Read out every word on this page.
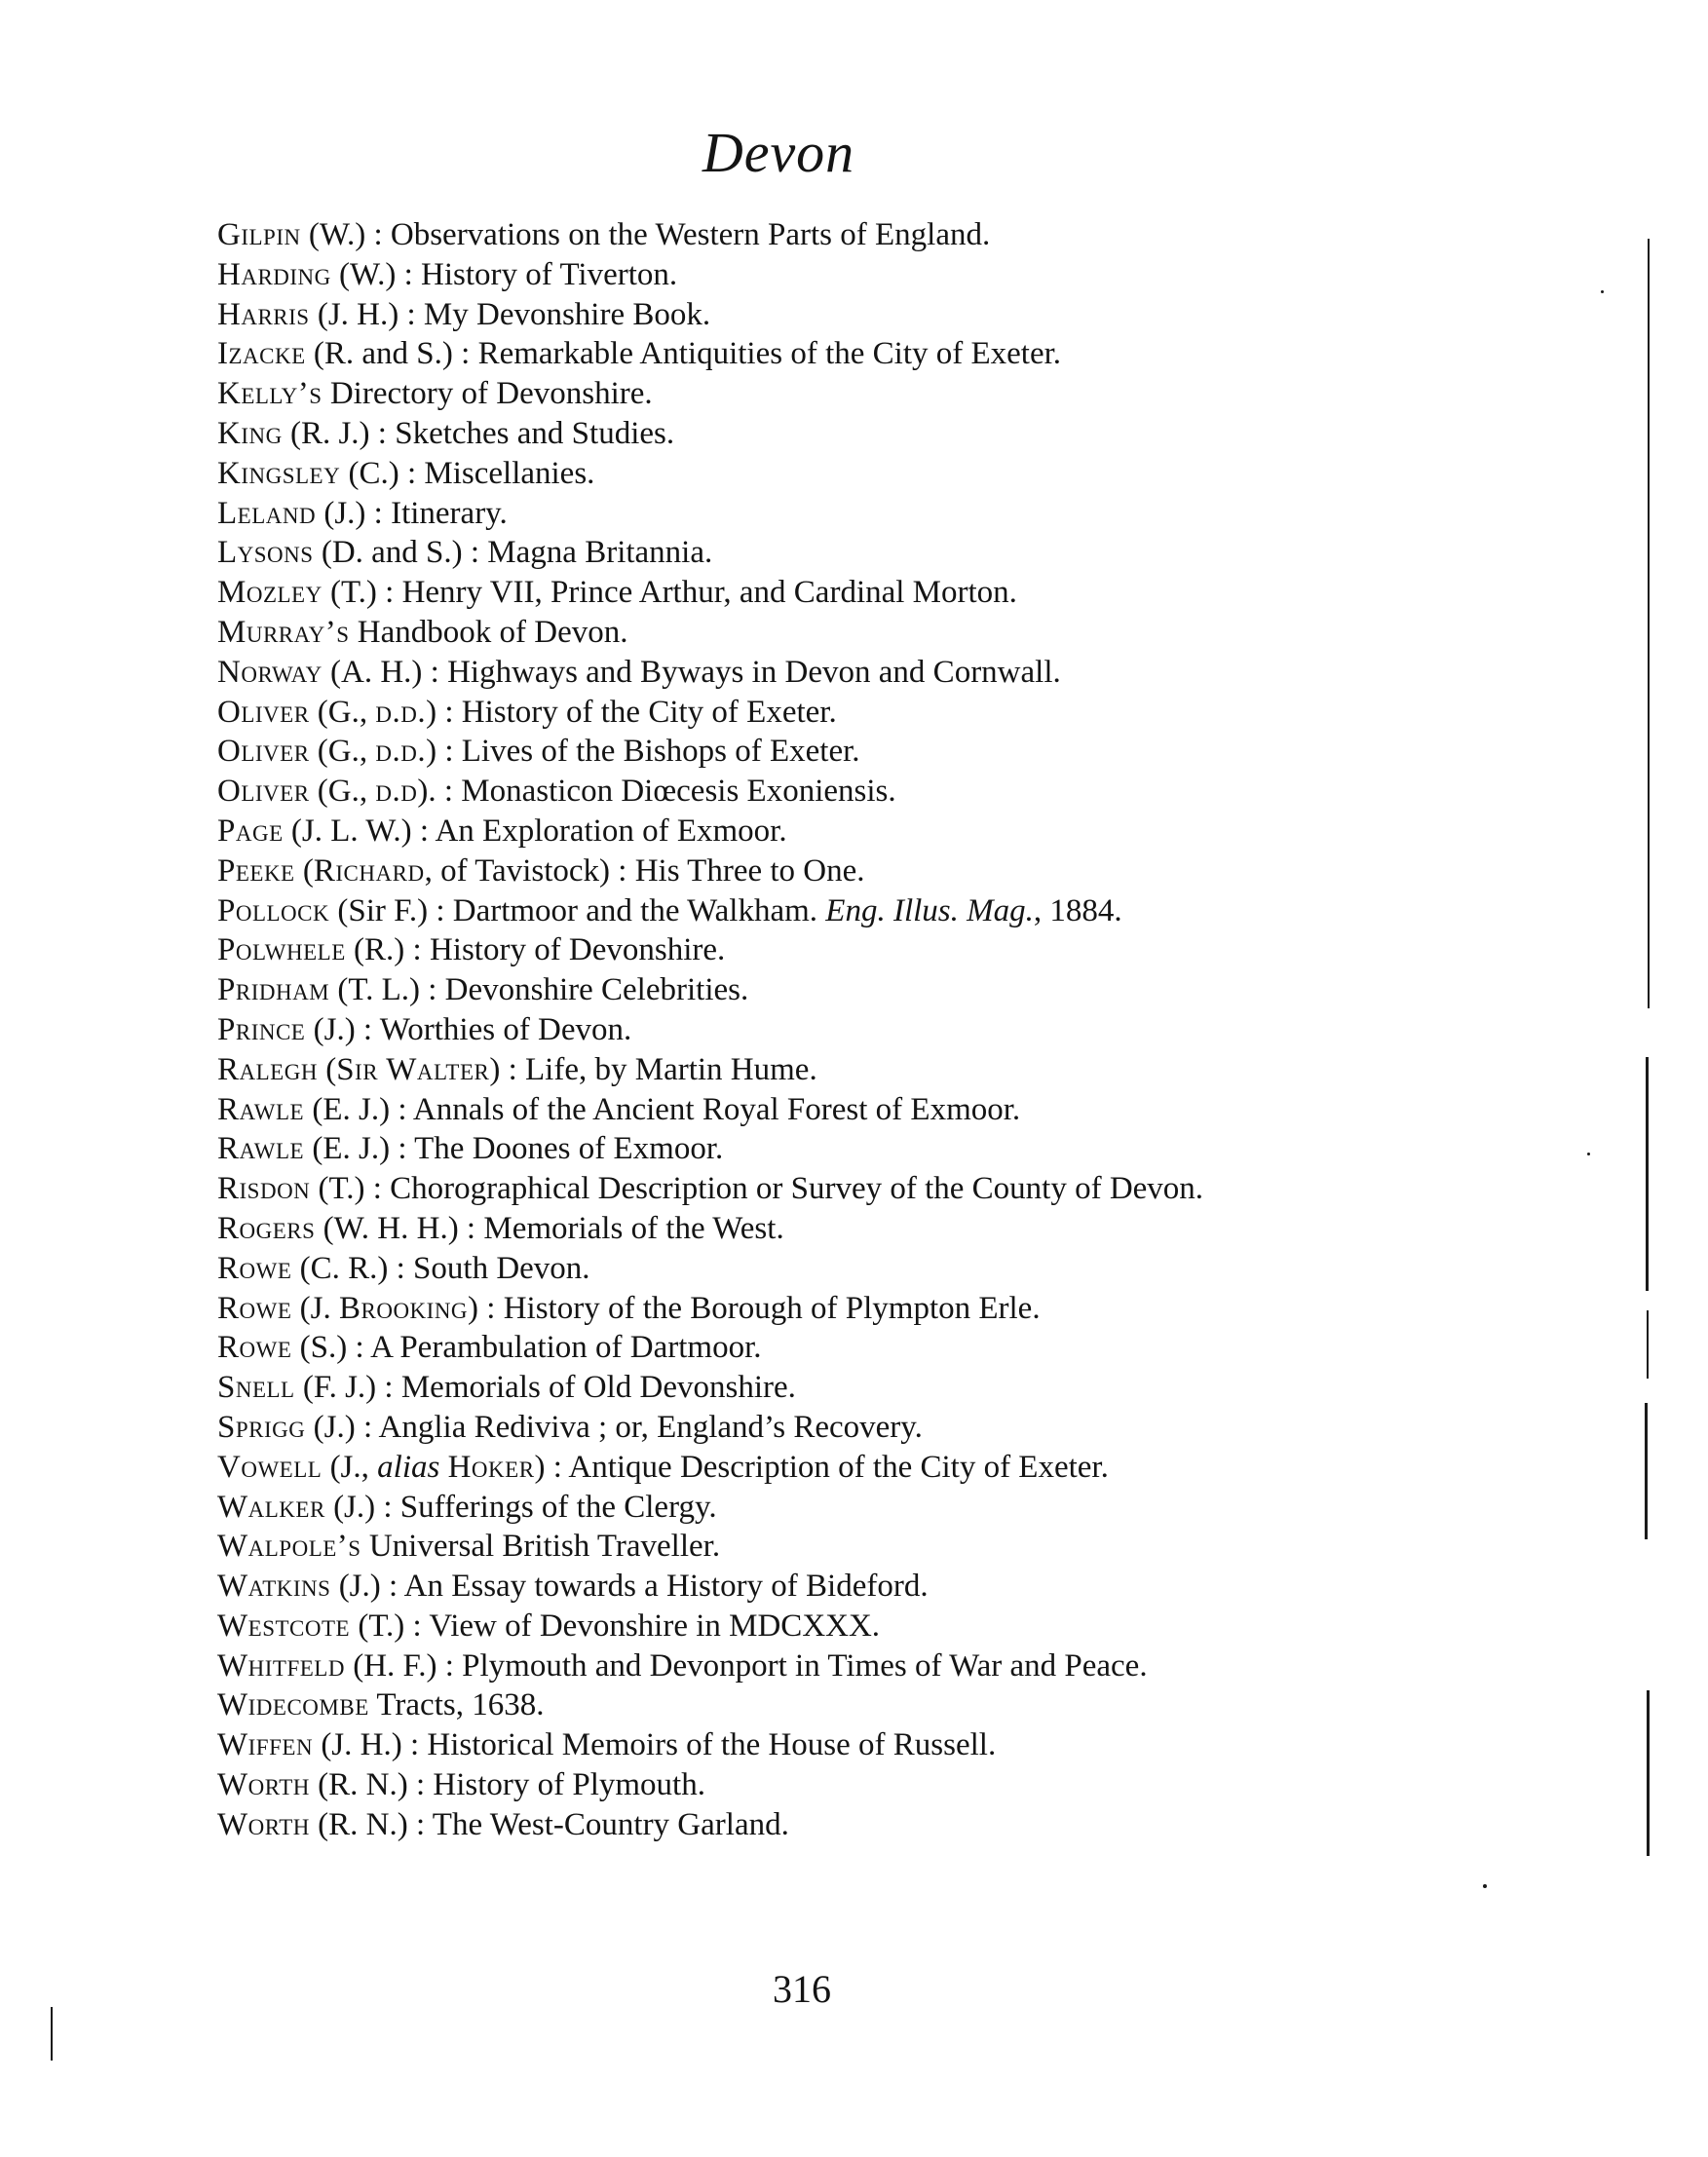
Devon
Gilpin (W.) : Observations on the Western Parts of England.
Harding (W.) : History of Tiverton.
Harris (J. H.) : My Devonshire Book.
Izacke (R. and S.) : Remarkable Antiquities of the City of Exeter.
Kelly’s Directory of Devonshire.
King (R. J.) : Sketches and Studies.
Kingsley (C.) : Miscellanies.
Leland (J.) : Itinerary.
Lysons (D. and S.) : Magna Britannia.
Mozley (T.) : Henry VII, Prince Arthur, and Cardinal Morton.
Murray’s Handbook of Devon.
Norway (A. H.) : Highways and Byways in Devon and Cornwall.
Oliver (G., d.d.) : History of the City of Exeter.
Oliver (G., d.d.) : Lives of the Bishops of Exeter.
Oliver (G., d.d). : Monasticon Diœcesis Exoniensis.
Page (J. L. W.) : An Exploration of Exmoor.
Peeke (Richard, of Tavistock) : His Three to One.
Pollock (Sir F.) : Dartmoor and the Walkham. Eng. Illus. Mag., 1884.
Polwhele (R.) : History of Devonshire.
Pridham (T. L.) : Devonshire Celebrities.
Prince (J.) : Worthies of Devon.
Ralegh (Sir Walter) : Life, by Martin Hume.
Rawle (E. J.) : Annals of the Ancient Royal Forest of Exmoor.
Rawle (E. J.) : The Doones of Exmoor.
Risdon (T.) : Chorographical Description or Survey of the County of Devon.
Rogers (W. H. H.) : Memorials of the West.
Rowe (C. R.) : South Devon.
Rowe (J. Brooking) : History of the Borough of Plympton Erle.
Rowe (S.) : A Perambulation of Dartmoor.
Snell (F. J.) : Memorials of Old Devonshire.
Sprigg (J.) : Anglia Rediviva ; or, England’s Recovery.
Vowell (J., alias Hoker) : Antique Description of the City of Exeter.
Walker (J.) : Sufferings of the Clergy.
Walpole’s Universal British Traveller.
Watkins (J.) : An Essay towards a History of Bideford.
Westcote (T.) : View of Devonshire in MDCXXX.
Whitfeld (H. F.) : Plymouth and Devonport in Times of War and Peace.
Widecombe Tracts, 1638.
Wiffen (J. H.) : Historical Memoirs of the House of Russell.
Worth (R. N.) : History of Plymouth.
Worth (R. N.) : The West-Country Garland.
316
